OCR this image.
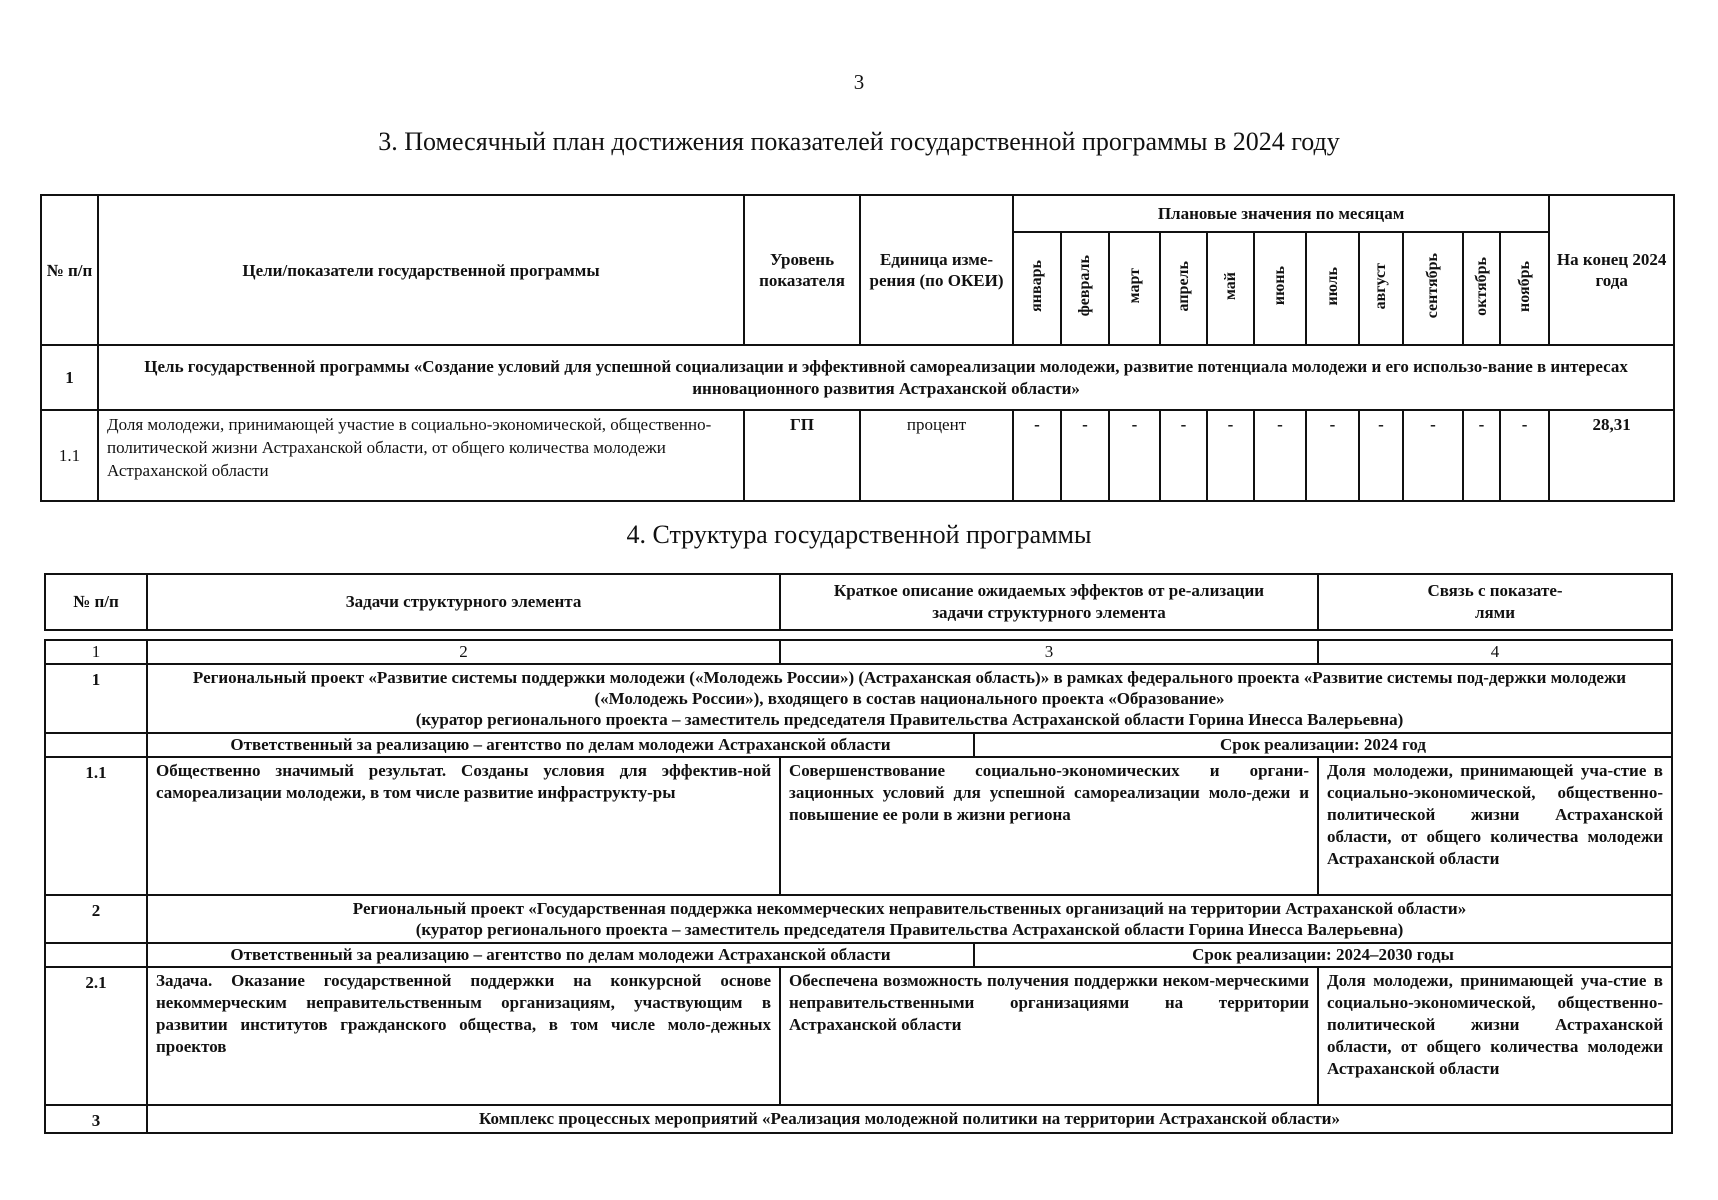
3
3. Помесячный план достижения показателей государственной программы в 2024 году
№ п/п	Цели/показатели государственной программы	Уровень показателя	Единица изме-рения (по ОКЕИ)	Плановые значения по месяцам											На конец 2024 года
				январь	февраль	март	апрель	май	июнь	июль	август	сентябрь	октябрь	ноябрь	
1	Цель государственной программы «Создание условий для успешной социализации и эффективной самореализации молодежи, развитие потенциала молодежи и его использо-вание в интересах инновационного развития Астраханской области»														
1.1	Доля молодежи, принимающей участие в социально-экономической, общественно-политической жизни Астраханской области, от общего количества молодежи Астраханской области	ГП	процент	-	-	-	-	-	-	-	-	-	-	-	28,31
4. Структура государственной программы
№ п/п	Задачи структурного элемента	Краткое описание ожидаемых эффектов от ре-ализации задачи структурного элемента		Связь с показате-лями

1	2	3		4
1	Региональный проект «Развитие системы поддержки молодежи («Молодежь России») (Астраханская область)» в рамках федерального проекта «Развитие системы под-держки молодежи («Молодежь России»), входящего в состав национального проекта «Образование»
(куратор регионального проекта – заместитель председателя Правительства Астраханской области Горина Инесса Валерьевна)			

	Ответственный за реализацию – агентство по делам молодежи Астраханской области		Срок реализации: 2024 год	
1.1	Общественно значимый результат. Созданы условия для эффектив-ной самореализации молодежи, в том числе развитие инфраструкту-ры	Совершенствование социально-экономических и органи-зационных условий для успешной самореализации моло-дежи и повышение ее роли в жизни региона		Доля молодежи, принимающей уча-стие в социально-экономической, общественно-политической жизни Астраханской области, от общего количества молодежи Астраханской области
2	Региональный проект «Государственная поддержка некоммерческих неправительственных организаций на территории Астраханской области»
(куратор регионального проекта – заместитель председателя Правительства Астраханской области Горина Инесса Валерьевна)			

	Ответственный за реализацию – агентство по делам молодежи Астраханской области		Срок реализации: 2024–2030 годы	
2.1	Задача. Оказание государственной поддержки на конкурсной основе некоммерческим неправительственным организациям, участвующим в развитии институтов гражданского общества, в том числе моло-дежных проектов	Обеспечена возможность получения поддержки неком-мерческими неправительственными организациями на территории Астраханской области		Доля молодежи, принимающей уча-стие в социально-экономической, общественно-политической жизни Астраханской области, от общего количества молодежи Астраханской области
3	Комплекс процессных мероприятий «Реализация молодежной политики на территории Астраханской области»			
